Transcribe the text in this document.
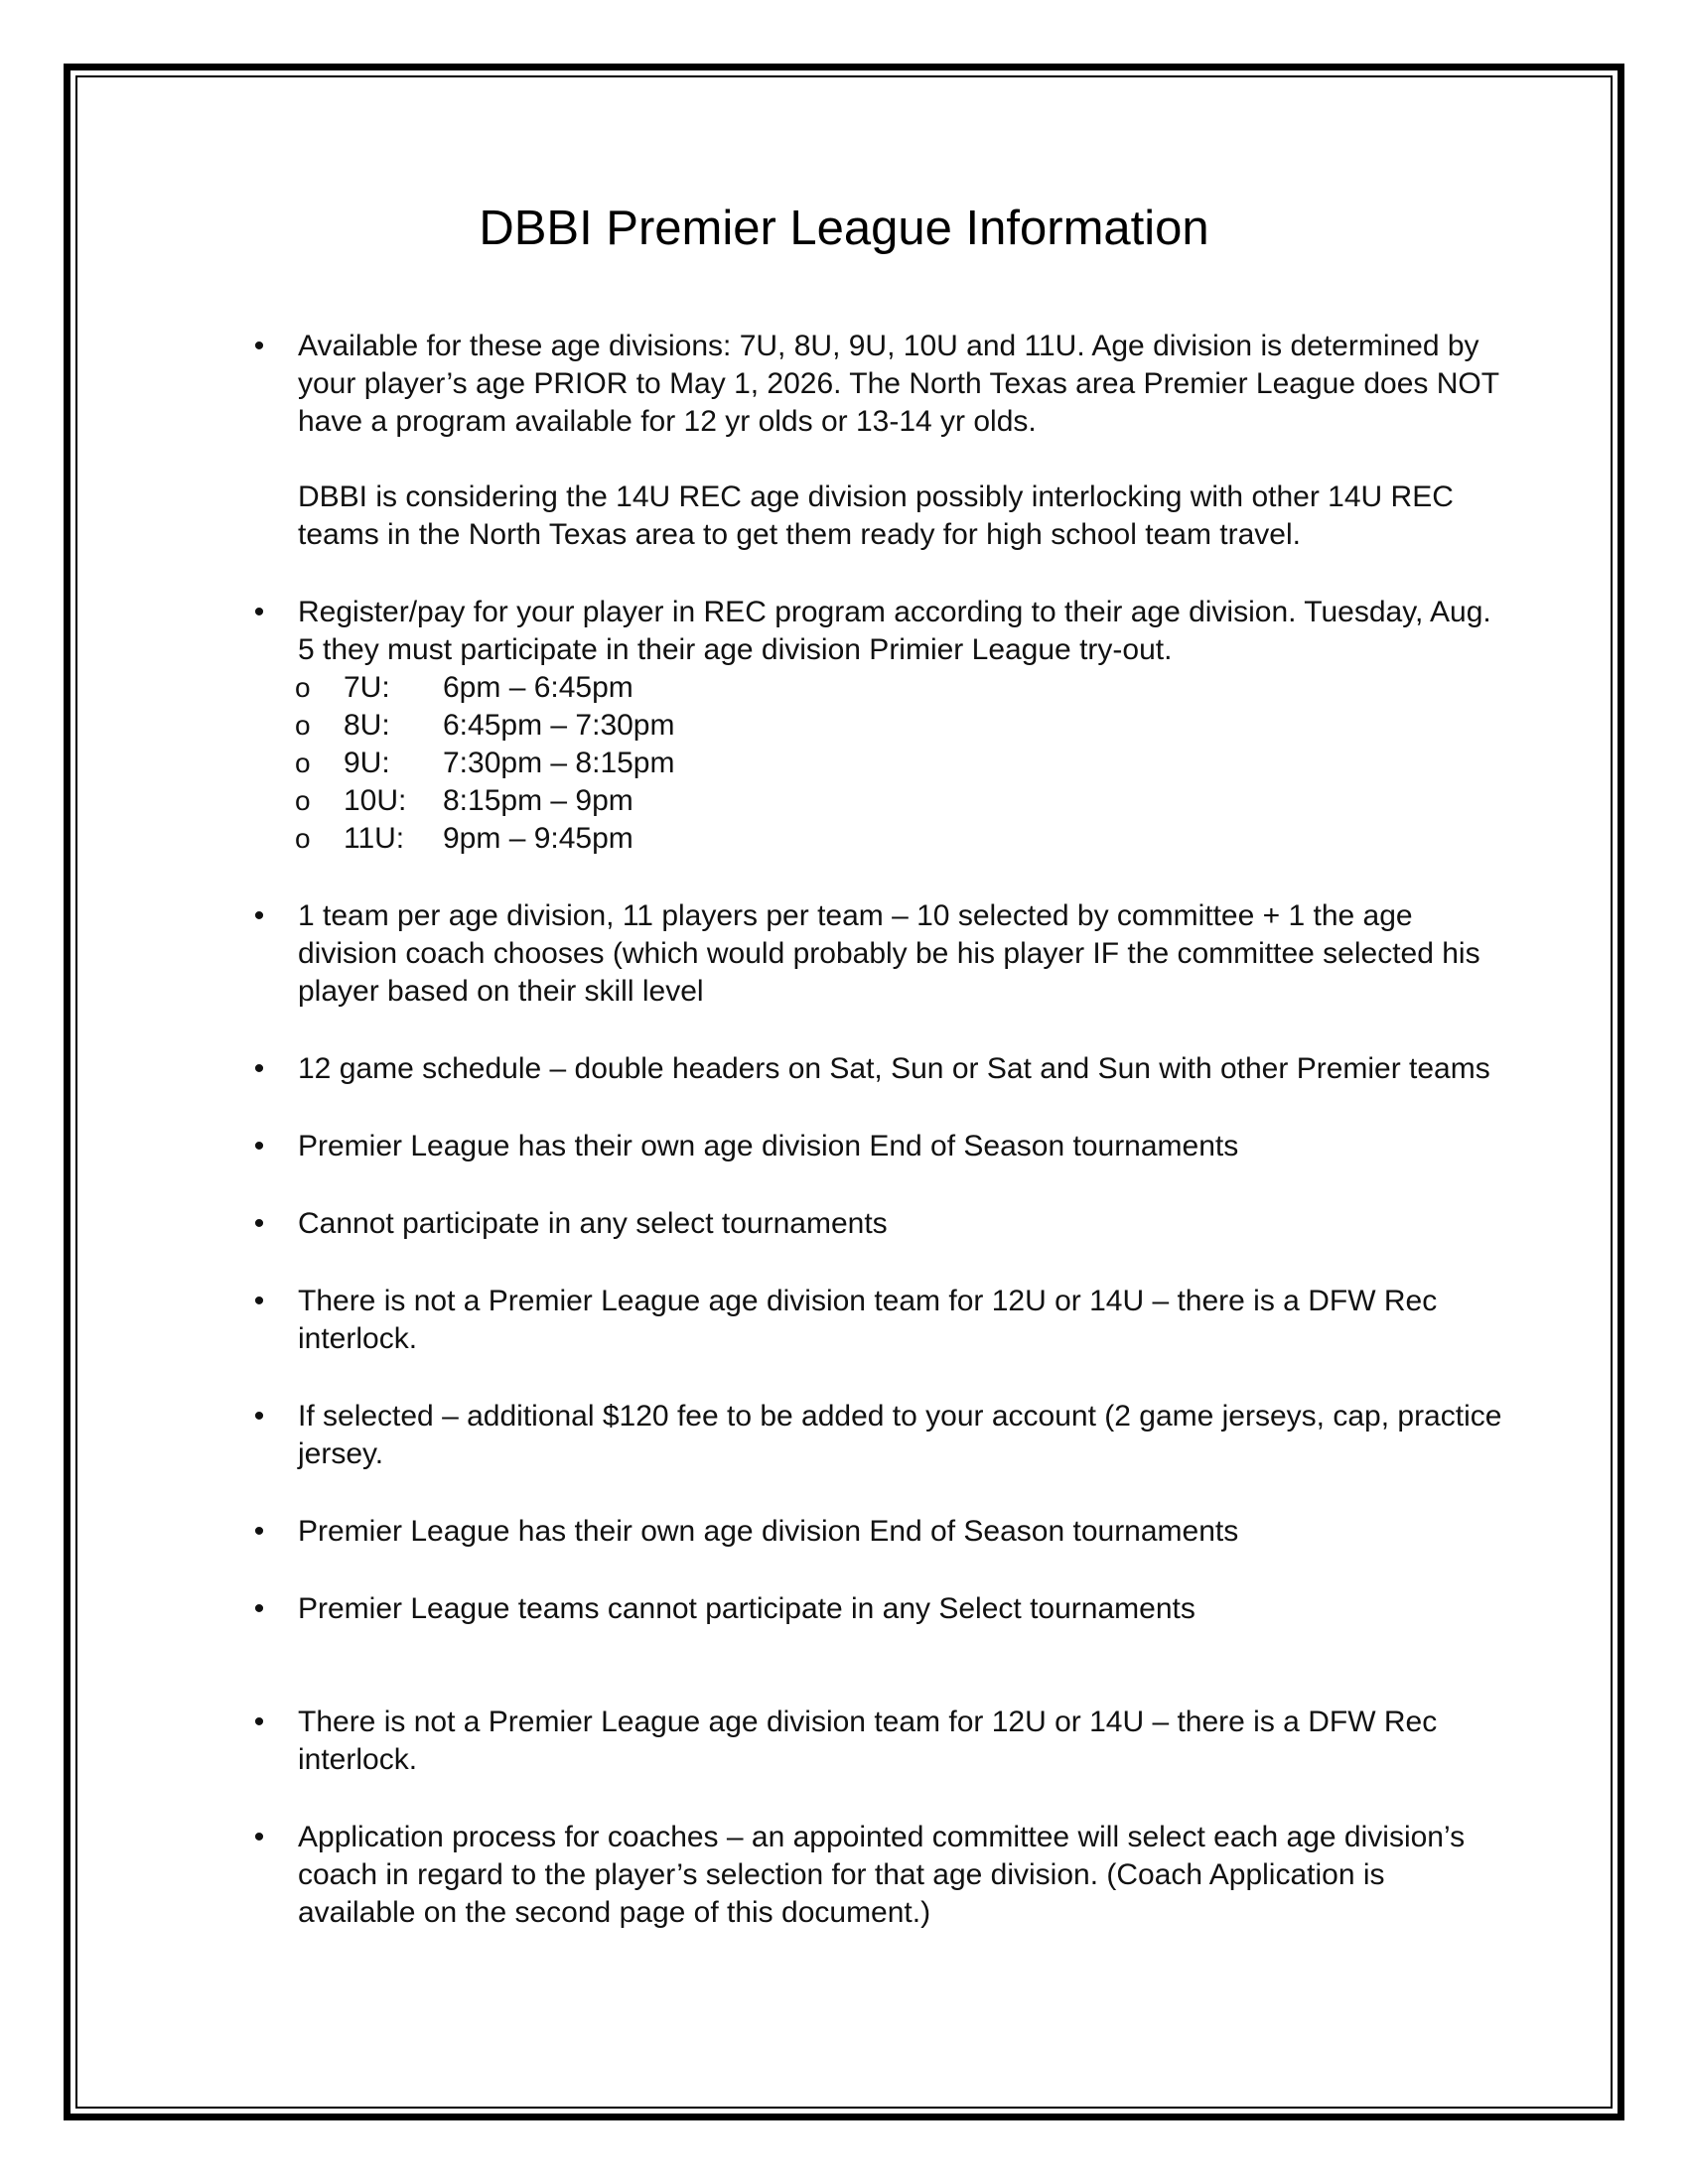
DBBI Premier League Information
•	Available for these age divisions: 7U, 8U, 9U, 10U and 11U. Age division is determined by your player’s age PRIOR to May 1, 2026. The North Texas area Premier League does NOT have a program available for 12 yr olds or 13-14 yr olds.
DBBI is considering the 14U REC age division possibly interlocking with other 14U REC teams in the North Texas area to get them ready for high school team travel.
•	Register/pay for your player in REC program according to their age division. Tuesday, Aug. 5 they must participate in their age division Primier League try-out.
o 7U: 6pm – 6:45pm
o 8U: 6:45pm – 7:30pm
o 9U: 7:30pm – 8:15pm
o 10U: 8:15pm – 9pm
o 11U: 9pm – 9:45pm
•	1 team per age division, 11 players per team – 10 selected by committee + 1 the age division coach chooses (which would probably be his player IF the committee selected his player based on their skill level
•	12 game schedule – double headers on Sat, Sun or Sat and Sun with other Premier teams
•	Premier League has their own age division End of Season tournaments
•	Cannot participate in any select tournaments
•	There is not a Premier League age division team for 12U or 14U – there is a DFW Rec interlock.
•	If selected – additional $120 fee to be added to your account (2 game jerseys, cap, practice jersey.
•	Premier League has their own age division End of Season tournaments
•	Premier League teams cannot participate in any Select tournaments
•	There is not a Premier League age division team for 12U or 14U – there is a DFW Rec interlock.
•	Application process for coaches – an appointed committee will select each age division’s coach in regard to the player’s selection for that age division. (Coach Application is available on the second page of this document.)
